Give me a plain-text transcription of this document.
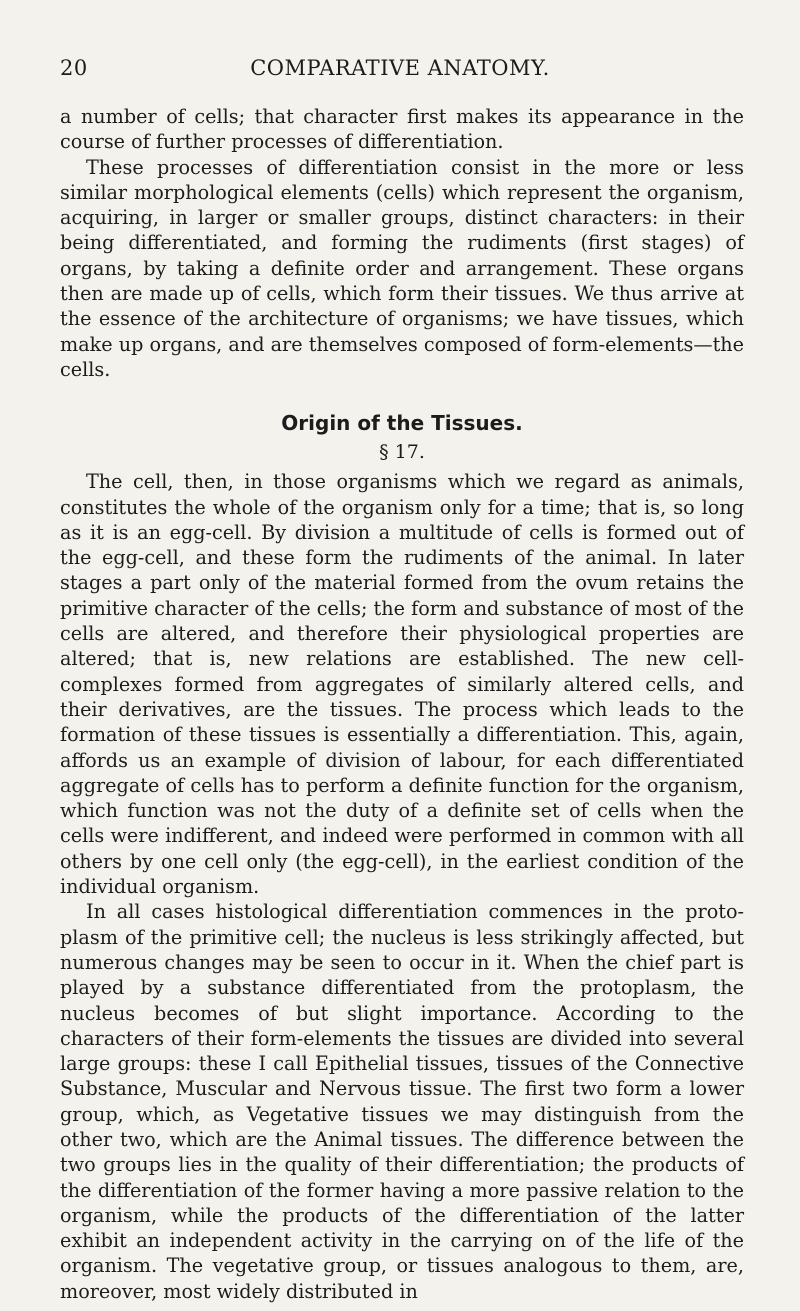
20	COMPARATIVE ANATOMY.

a number of cells; that character first makes its appearance in the course of further processes of differentiation.

These processes of differentiation consist in the more or less similar morphological elements (cells) which represent the organism, acquiring, in larger or smaller groups, distinct characters: in their being differentiated, and forming the rudiments (first stages) of organs, by taking a definite order and arrangement. These organs then are made up of cells, which form their tissues. We thus arrive at the essence of the architecture of organisms; we have tissues, which make up organs, and are themselves composed of form-elements—the cells.

Origin of the Tissues.
§ 17.

The cell, then, in those organisms which we regard as animals, constitutes the whole of the organism only for a time; that is, so long as it is an egg-cell. By division a multitude of cells is formed out of the egg-cell, and these form the rudiments of the animal. In later stages a part only of the material formed from the ovum retains the primitive character of the cells; the form and substance of most of the cells are altered, and therefore their physiological properties are altered; that is, new relations are established. The new cell-complexes formed from aggregates of similarly altered cells, and their derivatives, are the tissues. The process which leads to the formation of these tissues is essentially a differentiation. This, again, affords us an example of division of labour, for each differentiated aggregate of cells has to perform a definite function for the organism, which function was not the duty of a definite set of cells when the cells were indifferent, and indeed were performed in common with all others by one cell only (the egg-cell), in the earliest condition of the individual organism.

In all cases histological differentiation commences in the proto-plasm of the primitive cell; the nucleus is less strikingly affected, but numerous changes may be seen to occur in it. When the chief part is played by a substance differentiated from the protoplasm, the nucleus becomes of but slight importance. According to the characters of their form-elements the tissues are divided into several large groups: these I call Epithelial tissues, tissues of the Connective Substance, Muscular and Nervous tissue. The first two form a lower group, which, as Vegetative tissues we may distinguish from the other two, which are the Animal tissues. The difference between the two groups lies in the quality of their differentiation; the products of the differentiation of the former having a more passive relation to the organism, while the products of the differentiation of the latter exhibit an independent activity in the carrying on of the life of the organism. The vegetative group, or tissues analogous to them, are, moreover, most widely distributed in
